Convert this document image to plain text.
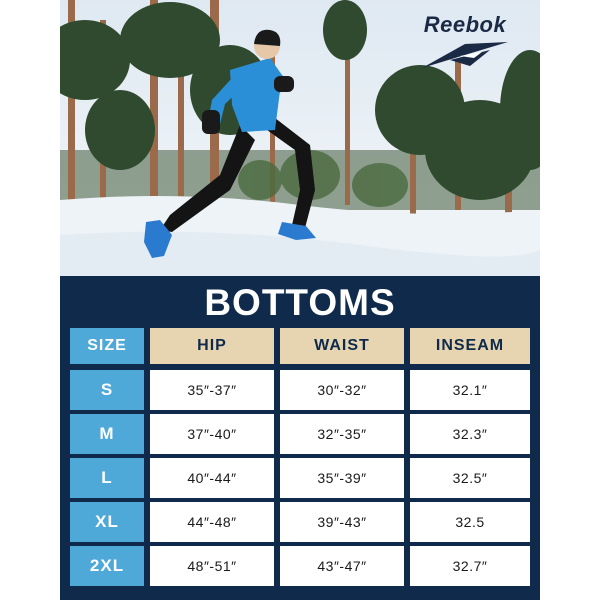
Reebok
BOTTOMS
SIZE	HIP	WAIST	INSEAM
S	35″-37″	30″-32″	32.1″
M	37″-40″	32″-35″	32.3″
L	40″-44″	35″-39″	32.5″
XL	44″-48″	39″-43″	32.5
2XL	48″-51″	43″-47″	32.7″
